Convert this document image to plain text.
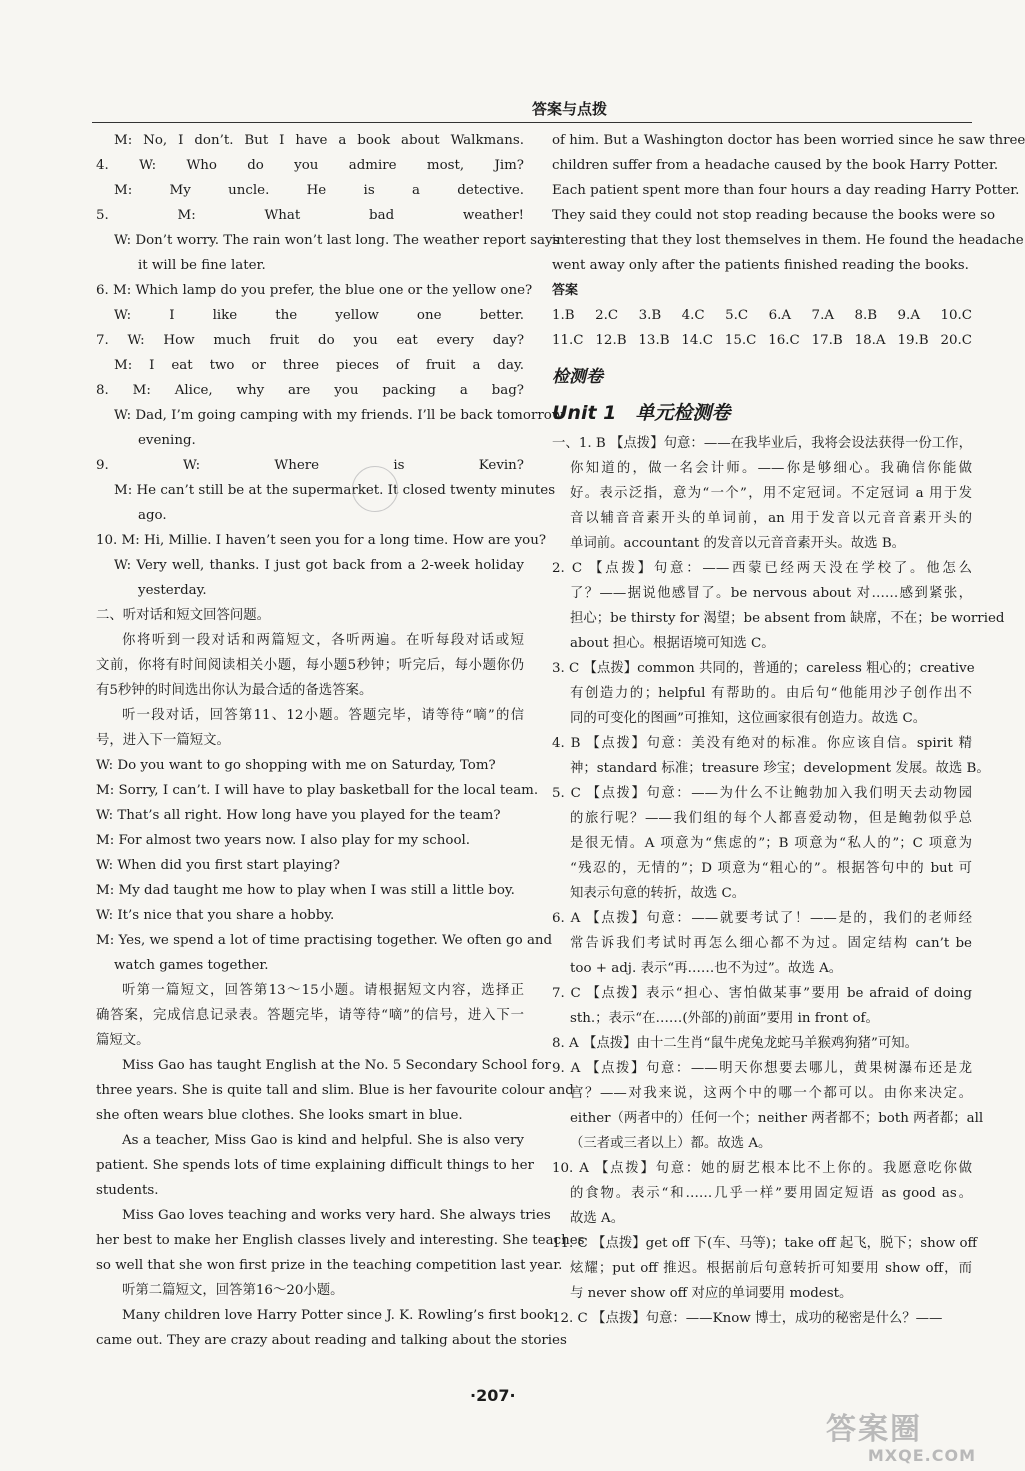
答案与点拨
M: No, I don’t. But I have a book about Walkmans.
4. W: Who do you admire most, Jim?
M: My uncle. He is a detective.
5. M: What bad weather!
W: Don’t worry. The rain won’t last long. The weather report says
it will be fine later.
6. M: Which lamp do you prefer, the blue one or the yellow one?
W: I like the yellow one better.
7. W: How much fruit do you eat every day?
M: I eat two or three pieces of fruit a day.
8. M: Alice, why are you packing a bag?
W: Dad, I’m going camping with my friends. I’ll be back tomorrow
evening.
9. W: Where is Kevin?
M: He can’t still be at the supermarket. It closed twenty minutes
ago.
10. M: Hi, Millie. I haven’t seen you for a long time. How are you?
W: Very well, thanks. I just got back from a 2-week holiday
yesterday.
二、听对话和短文回答问题。
你将听到一段对话和两篇短文，各听两遍。在听每段对话或短
文前，你将有时间阅读相关小题，每小题5秒钟；听完后，每小题你仍
有5秒钟的时间选出你认为最合适的备选答案。
听一段对话，回答第11、12小题。答题完毕，请等待“嘀”的信
号，进入下一篇短文。
W: Do you want to go shopping with me on Saturday, Tom?
M: Sorry, I can’t. I will have to play basketball for the local team.
W: That’s all right. How long have you played for the team?
M: For almost two years now. I also play for my school.
W: When did you first start playing?
M: My dad taught me how to play when I was still a little boy.
W: It’s nice that you share a hobby.
M: Yes, we spend a lot of time practising together. We often go and
watch games together.
听第一篇短文，回答第13～15小题。请根据短文内容，选择正
确答案，完成信息记录表。答题完毕，请等待“嘀”的信号，进入下一
篇短文。
Miss Gao has taught English at the No. 5 Secondary School for
three years. She is quite tall and slim. Blue is her favourite colour and
she often wears blue clothes. She looks smart in blue.
As a teacher, Miss Gao is kind and helpful. She is also very
patient. She spends lots of time explaining difficult things to her
students.
Miss Gao loves teaching and works very hard. She always tries
her best to make her English classes lively and interesting. She teaches
so well that she won first prize in the teaching competition last year.
听第二篇短文，回答第16～20小题。
Many children love Harry Potter since J. K. Rowling’s first book
came out. They are crazy about reading and talking about the stories
of him. But a Washington doctor has been worried since he saw three
children suffer from a headache caused by the book Harry Potter.
Each patient spent more than four hours a day reading Harry Potter.
They said they could not stop reading because the books were so
interesting that they lost themselves in them. He found the headache
went away only after the patients finished reading the books.
答案
1.B 2.C 3.B 4.C 5.C 6.A 7.A 8.B 9.A 10.C
11.C 12.B 13.B 14.C 15.C 16.C 17.B 18.A 19.B 20.C
检测卷
Unit 1　单元检测卷
一、1. B 【点拨】句意：——在我毕业后，我将会设法获得一份工作，
你知道的，做一名会计师。——你是够细心。我确信你能做
好。表示泛指，意为“一个”，用不定冠词。不定冠词 a 用于发
音以辅音音素开头的单词前，an 用于发音以元音音素开头的
单词前。accountant 的发音以元音音素开头。故选 B。
2. C 【点拨】句意：——西蒙已经两天没在学校了。他怎么
了？——据说他感冒了。be nervous about 对……感到紧张，
担心；be thirsty for 渴望；be absent from 缺席，不在；be worried
about 担心。根据语境可知选 C。
3. C 【点拨】common 共同的，普通的；careless 粗心的；creative
有创造力的；helpful 有帮助的。由后句“他能用沙子创作出不
同的可变化的图画”可推知，这位画家很有创造力。故选 C。
4. B 【点拨】句意：美没有绝对的标准。你应该自信。spirit 精
神；standard 标准；treasure 珍宝；development 发展。故选 B。
5. C 【点拨】句意：——为什么不让鲍勃加入我们明天去动物园
的旅行呢？——我们组的每个人都喜爱动物，但是鲍勃似乎总
是很无情。A 项意为“焦虑的”；B 项意为“私人的”；C 项意为
“残忍的，无情的”；D 项意为“粗心的”。根据答句中的 but 可
知表示句意的转折，故选 C。
6. A 【点拨】句意：——就要考试了！——是的，我们的老师经
常告诉我们考试时再怎么细心都不为过。固定结构 can’t be
too + adj. 表示“再……也不为过”。故选 A。
7. C 【点拨】表示“担心、害怕做某事”要用 be afraid of doing
sth.；表示“在……(外部的)前面”要用 in front of。
8. A 【点拨】由十二生肖“鼠牛虎兔龙蛇马羊猴鸡狗猪”可知。
9. A 【点拨】句意：——明天你想要去哪儿，黄果树瀑布还是龙
宫？——对我来说，这两个中的哪一个都可以。由你来决定。
either（两者中的）任何一个；neither 两者都不；both 两者都；all
（三者或三者以上）都。故选 A。
10. A 【点拨】句意：她的厨艺根本比不上你的。我愿意吃你做
的食物。表示“和……几乎一样”要用固定短语 as good as。
故选 A。
11. C 【点拨】get off 下(车、马等)；take off 起飞，脱下；show off
炫耀；put off 推迟。根据前后句意转折可知要用 show off，而
与 never show off 对应的单词要用 modest。
12. C 【点拨】句意：——Know 博士，成功的秘密是什么？——
·207·
答案圈
MXQE.COM
